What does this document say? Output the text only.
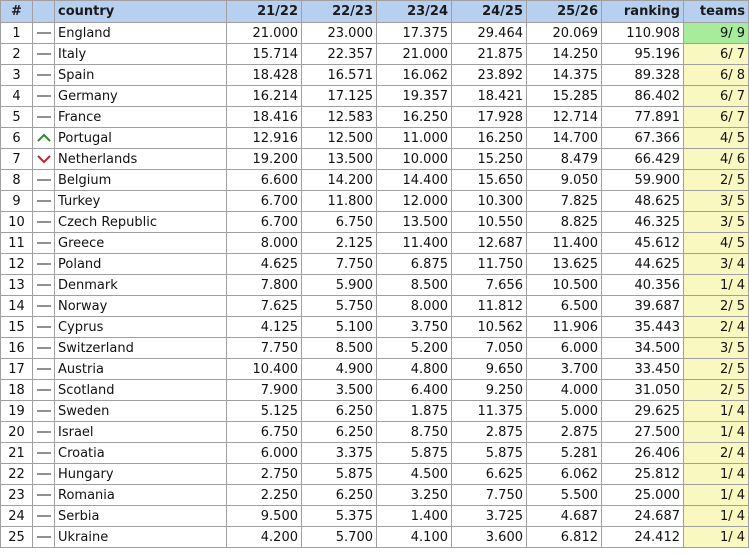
#		country	21/22	22/23	23/24	24/25	25/26	ranking	teams
1		England	21.000	23.000	17.375	29.464	20.069	110.908	9/ 9
2		Italy	15.714	22.357	21.000	21.875	14.250	95.196	6/ 7
3		Spain	18.428	16.571	16.062	23.892	14.375	89.328	6/ 8
4		Germany	16.214	17.125	19.357	18.421	15.285	86.402	6/ 7
5		France	18.416	12.583	16.250	17.928	12.714	77.891	6/ 7
6		Portugal	12.916	12.500	11.000	16.250	14.700	67.366	4/ 5
7		Netherlands	19.200	13.500	10.000	15.250	8.479	66.429	4/ 6
8		Belgium	6.600	14.200	14.400	15.650	9.050	59.900	2/ 5
9		Turkey	6.700	11.800	12.000	10.300	7.825	48.625	3/ 5
10		Czech Republic	6.700	6.750	13.500	10.550	8.825	46.325	3/ 5
11		Greece	8.000	2.125	11.400	12.687	11.400	45.612	4/ 5
12		Poland	4.625	7.750	6.875	11.750	13.625	44.625	3/ 4
13		Denmark	7.800	5.900	8.500	7.656	10.500	40.356	1/ 4
14		Norway	7.625	5.750	8.000	11.812	6.500	39.687	2/ 5
15		Cyprus	4.125	5.100	3.750	10.562	11.906	35.443	2/ 4
16		Switzerland	7.750	8.500	5.200	7.050	6.000	34.500	3/ 5
17		Austria	10.400	4.900	4.800	9.650	3.700	33.450	2/ 5
18		Scotland	7.900	3.500	6.400	9.250	4.000	31.050	2/ 5
19		Sweden	5.125	6.250	1.875	11.375	5.000	29.625	1/ 4
20		Israel	6.750	6.250	8.750	2.875	2.875	27.500	1/ 4
21		Croatia	6.000	3.375	5.875	5.875	5.281	26.406	2/ 4
22		Hungary	2.750	5.875	4.500	6.625	6.062	25.812	1/ 4
23		Romania	2.250	6.250	3.250	7.750	5.500	25.000	1/ 4
24		Serbia	9.500	5.375	1.400	3.725	4.687	24.687	1/ 4
25		Ukraine	4.200	5.700	4.100	3.600	6.812	24.412	1/ 4
